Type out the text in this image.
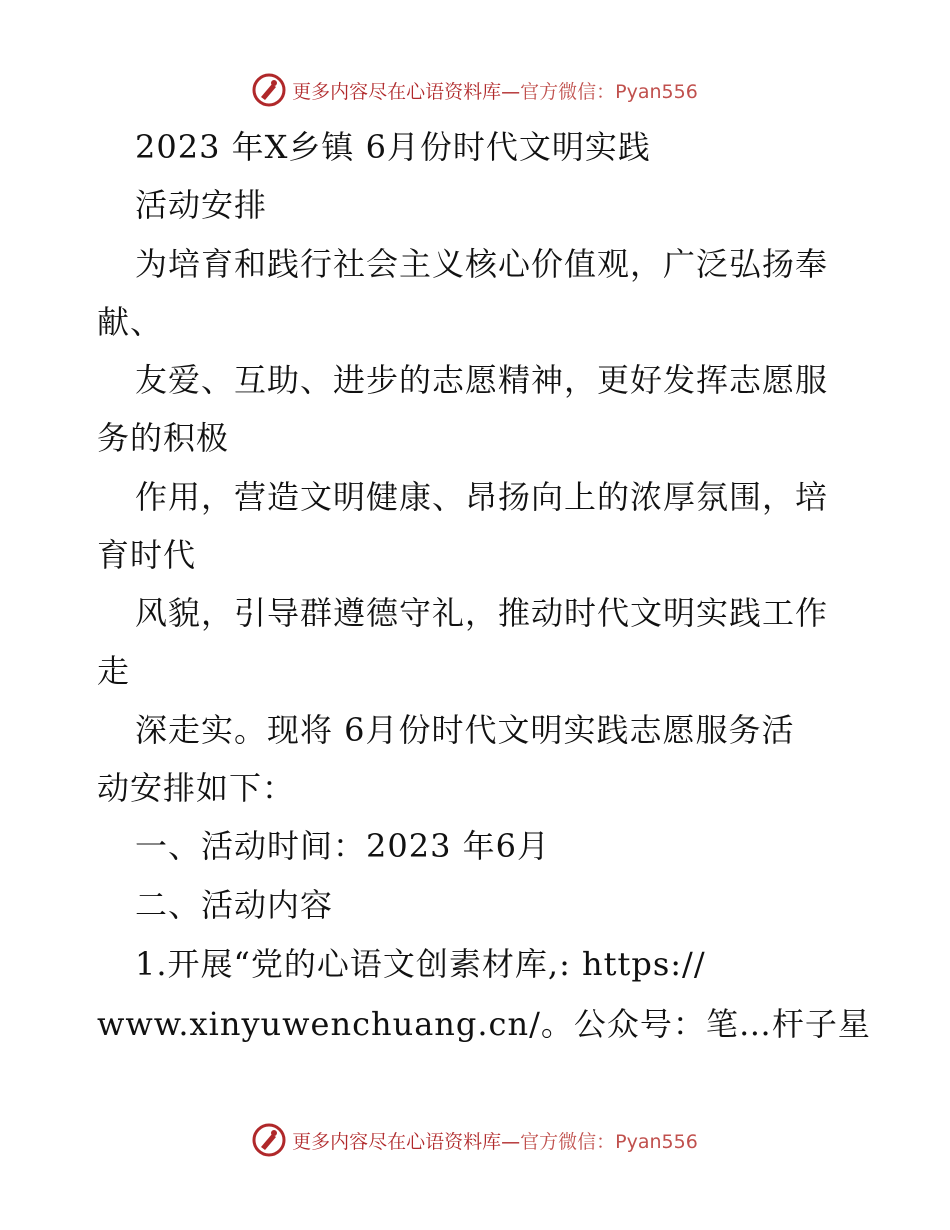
更多内容尽在心语资料库—官方微信：Pyan556
2023 年X乡镇 6月份时代文明实践
活动安排
为培育和践行社会主义核心价值观，广泛弘扬奉
献、
友爱、互助、进步的志愿精神，更好发挥志愿服
务的积极
作用，营造文明健康、昂扬向上的浓厚氛围，培
育时代
风貌，引导群遵德守礼，推动时代文明实践工作
走
深走实。现将 6月份时代文明实践志愿服务活
动安排如下：
一、活动时间：2023 年6月
二、活动内容
1.开展“党的心语文创素材库,: https://
www.xinyuwenchuang.cn/。公众号：笔…杆子星
更多内容尽在心语资料库—官方微信：Pyan556
